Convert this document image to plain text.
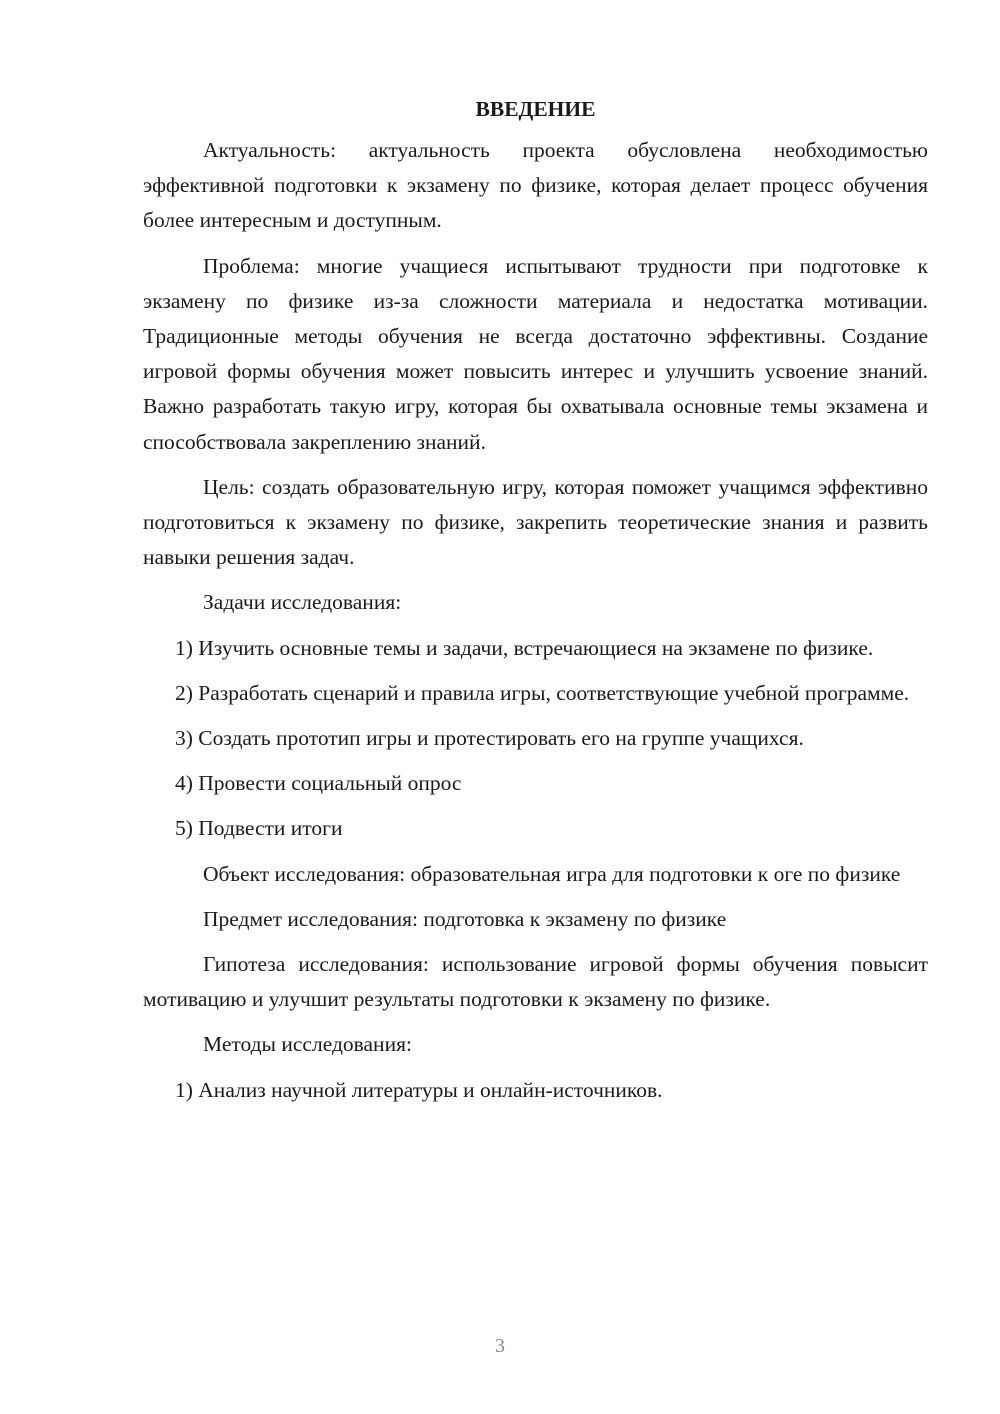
ВВЕДЕНИЕ

Актуальность: актуальность проекта обусловлена необходимостью эффективной подготовки к экзамену по физике, которая делает процесс обучения более интересным и доступным.

Проблема: многие учащиеся испытывают трудности при подготовке к экзамену по физике из-за сложности материала и недостатка мотивации. Традиционные методы обучения не всегда достаточно эффективны. Создание игровой формы обучения может повысить интерес и улучшить усвоение знаний. Важно разработать такую игру, которая бы охватывала основные темы экзамена и способствовала закреплению знаний.

Цель: создать образовательную игру, которая поможет учащимся эффективно подготовиться к экзамену по физике, закрепить теоретические знания и развить навыки решения задач.

Задачи исследования:

1) Изучить основные темы и задачи, встречающиеся на экзамене по физике.

2) Разработать сценарий и правила игры, соответствующие учебной программе.

3) Создать прототип игры и протестировать его на группе учащихся.

4) Провести социальный опрос

5) Подвести итоги

Объект исследования: образовательная игра для подготовки к оге по физике

Предмет исследования: подготовка к экзамену по физике

Гипотеза исследования: использование игровой формы обучения повысит мотивацию и улучшит результаты подготовки к экзамену по физике.

Методы исследования:

1) Анализ научной литературы и онлайн-источников.

3
